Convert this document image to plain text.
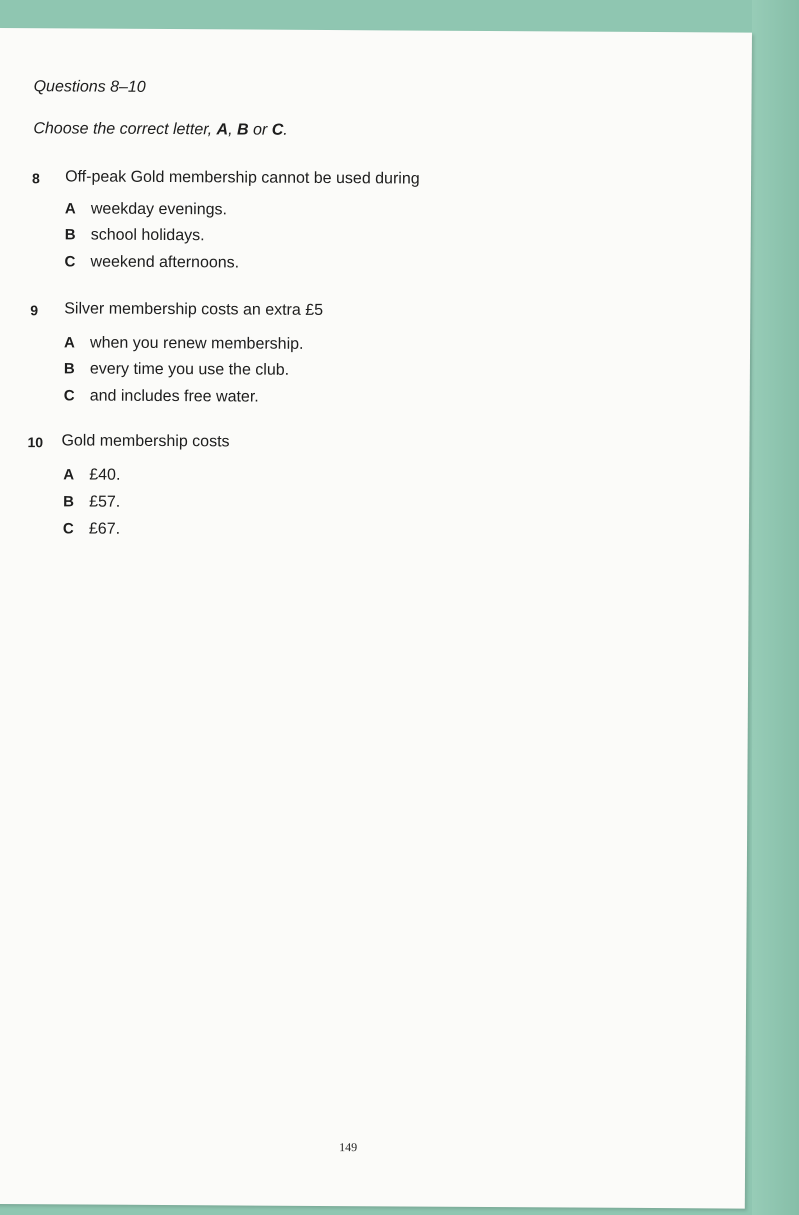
Questions 8–10
Choose the correct letter, A, B or C.
8 Off-peak Gold membership cannot be used during
A weekday evenings.
B school holidays.
C weekend afternoons.
9 Silver membership costs an extra £5
A when you renew membership.
B every time you use the club.
C and includes free water.
10 Gold membership costs
A £40.
B £57.
C £67.
149
